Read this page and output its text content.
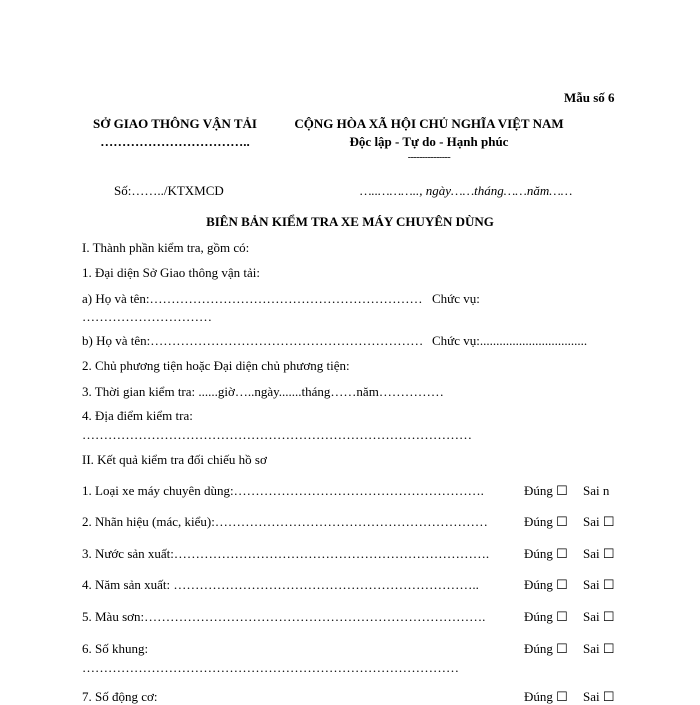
Mẫu số 6
SỞ GIAO THÔNG VẬN TẢI
……………………………..
CỘNG HÒA XÃ HỘI CHỦ NGHĨA VIỆT NAM
Độc lập - Tự do - Hạnh phúc
---------------
Số:……../KTXMCD	…..……….., ngày……tháng……năm……
BIÊN BẢN KIỂM TRA XE MÁY CHUYÊN DÙNG
I. Thành phần kiểm tra, gồm có:
1. Đại diện Sở Giao thông vận tải:
a) Họ và tên:……………………………………………………… Chức vụ:
…………………………
b) Họ và tên:……………………………………………………… Chức vụ:.................................
2. Chủ phương tiện hoặc Đại diện chủ phương tiện:
3. Thời gian kiểm tra: ......giờ…..ngày.......tháng……năm……………
4. Địa điểm kiểm tra:
………………………………………………………………………………
II. Kết quả kiểm tra đối chiếu hồ sơ
1. Loại xe máy chuyên dùng:………………………………………………….	Đúng ☐ Sai n
2. Nhãn hiệu (mác, kiểu):………………………………………………………	Đúng ☐ Sai ☐
3. Nước sản xuất:……………………………………………………………….	Đúng ☐ Sai ☐
4. Năm sản xuất: ……………………………………………………………..	Đúng ☐ Sai ☐
5. Màu sơn:…………………………………………………………………….	Đúng ☐ Sai ☐
6. Số khung:	Đúng ☐ Sai ☐
……………………………………………………………………………
7. Số động cơ:	Đúng ☐ Sai ☐
